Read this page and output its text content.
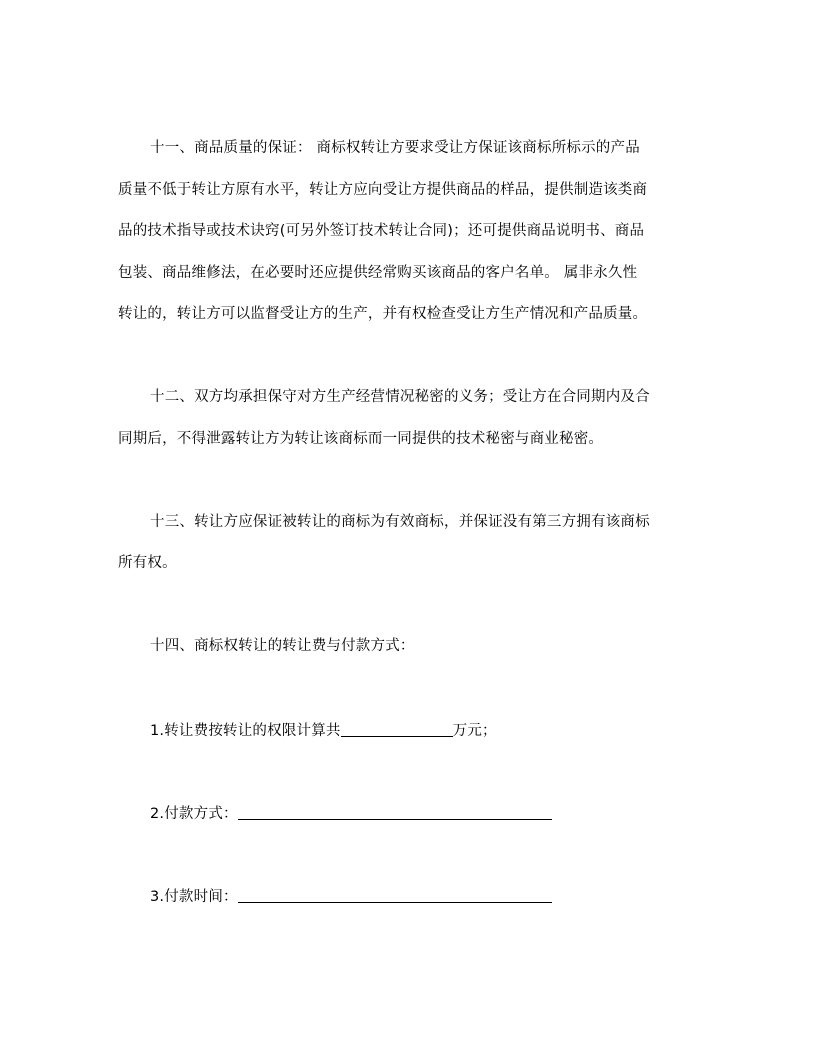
十一、商品质量的保证： 商标权转让方要求受让方保证该商标所标示的产品
质量不低于转让方原有水平，转让方应向受让方提供商品的样品，提供制造该类商
品的技术指导或技术诀窍(可另外签订技术转让合同)；还可提供商品说明书、商品
包装、商品维修法，在必要时还应提供经常购买该商品的客户名单。 属非永久性
转让的，转让方可以监督受让方的生产，并有权检查受让方生产情况和产品质量。
十二、双方均承担保守对方生产经营情况秘密的义务；受让方在合同期内及合
同期后，不得泄露转让方为转让该商标而一同提供的技术秘密与商业秘密。
十三、转让方应保证被转让的商标为有效商标，并保证没有第三方拥有该商标
所有权。
十四、商标权转让的转让费与付款方式：
1.转让费按转让的权限计算共	万元；
2.付款方式：
3.付款时间：
